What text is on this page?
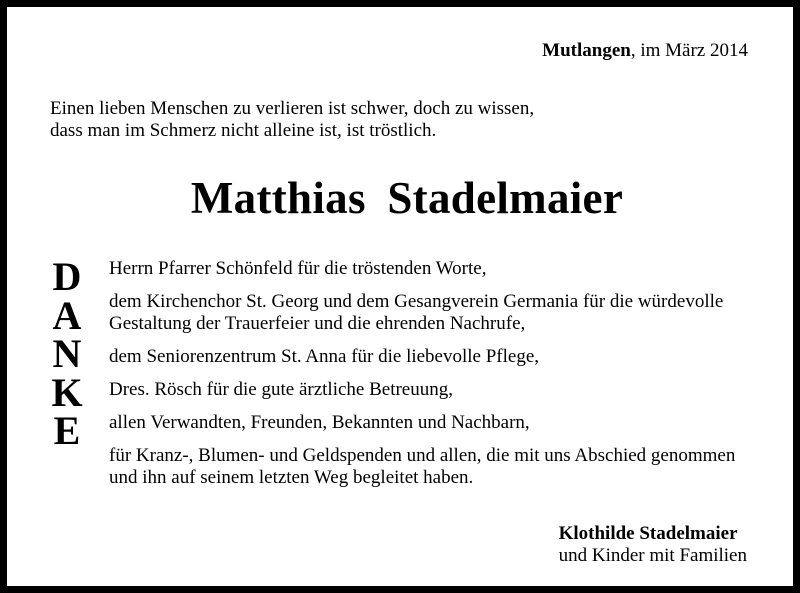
Mutlangen, im März 2014
Einen lieben Menschen zu verlieren ist schwer, doch zu wissen,
dass man im Schmerz nicht alleine ist, ist tröstlich.
Matthias Stadelmaier
D
A
N
K
E
Herrn Pfarrer Schönfeld für die tröstenden Worte,
dem Kirchenchor St. Georg und dem Gesangverein Germania für die würdevolle
Gestaltung der Trauerfeier und die ehrenden Nachrufe,
dem Seniorenzentrum St. Anna für die liebevolle Pflege,
Dres. Rösch für die gute ärztliche Betreuung,
allen Verwandten, Freunden, Bekannten und Nachbarn,
für Kranz-, Blumen- und Geldspenden und allen, die mit uns Abschied genommen
und ihn auf seinem letzten Weg begleitet haben.
Klothilde Stadelmaier
und Kinder mit Familien
